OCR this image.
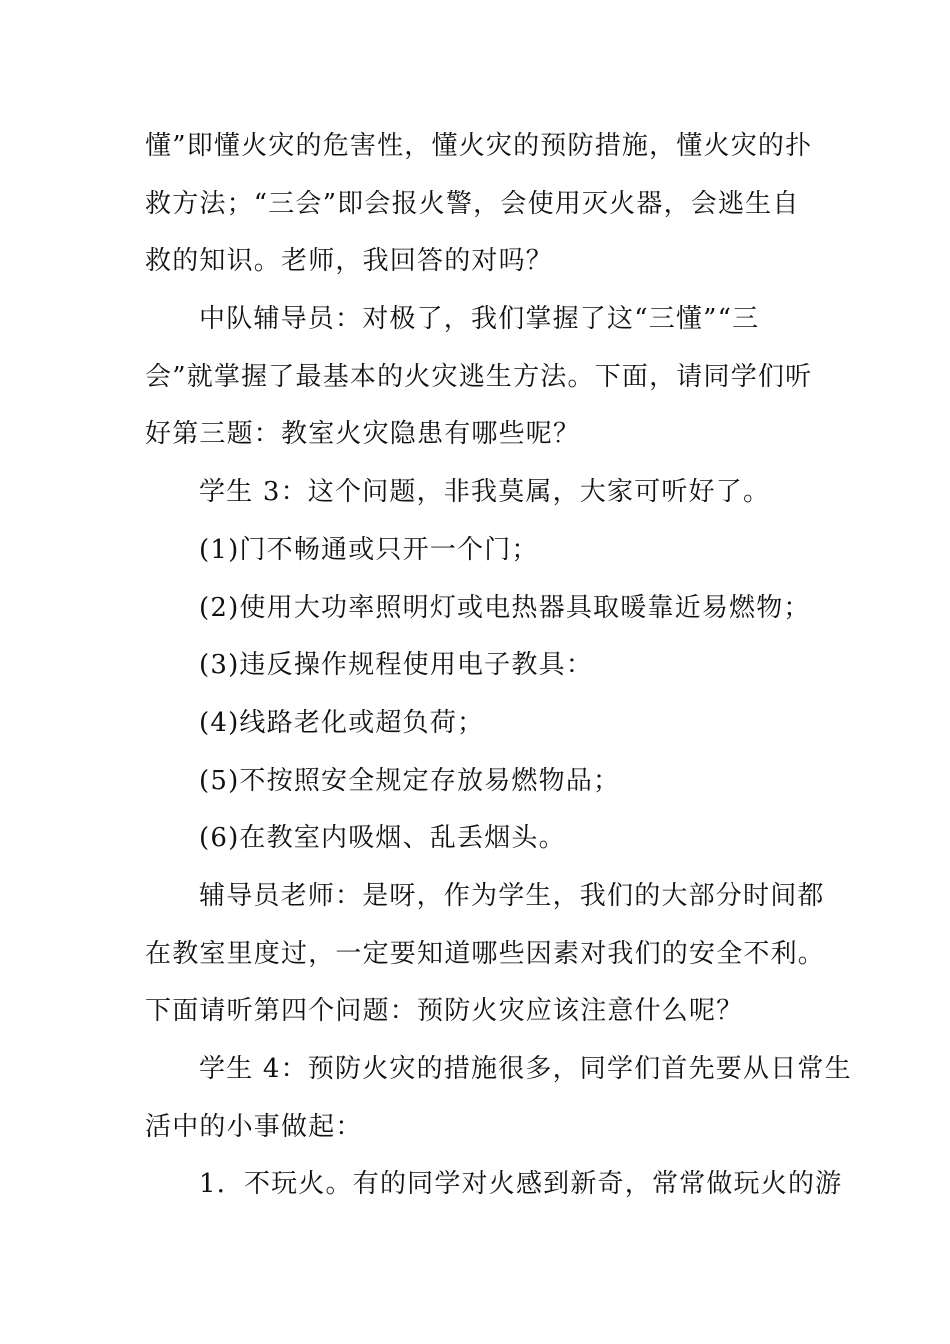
懂”即懂火灾的危害性，懂火灾的预防措施，懂火灾的扑
救方法；“三会”即会报火警，会使用灭火器，会逃生自
救的知识。老师，我回答的对吗？
中队辅导员：对极了，我们掌握了这“三懂”“三
会”就掌握了最基本的火灾逃生方法。下面，请同学们听
好第三题：教室火灾隐患有哪些呢？
学生 3：这个问题，非我莫属，大家可听好了。
(1)门不畅通或只开一个门；
(2)使用大功率照明灯或电热器具取暖靠近易燃物；
(3)违反操作规程使用电子教具：
(4)线路老化或超负荷；
(5)不按照安全规定存放易燃物品；
(6)在教室内吸烟、乱丢烟头。
辅导员老师：是呀，作为学生，我们的大部分时间都
在教室里度过，一定要知道哪些因素对我们的安全不利。
下面请听第四个问题：预防火灾应该注意什么呢？
学生 4：预防火灾的措施很多，同学们首先要从日常生
活中的小事做起：
1．不玩火。有的同学对火感到新奇，常常做玩火的游
